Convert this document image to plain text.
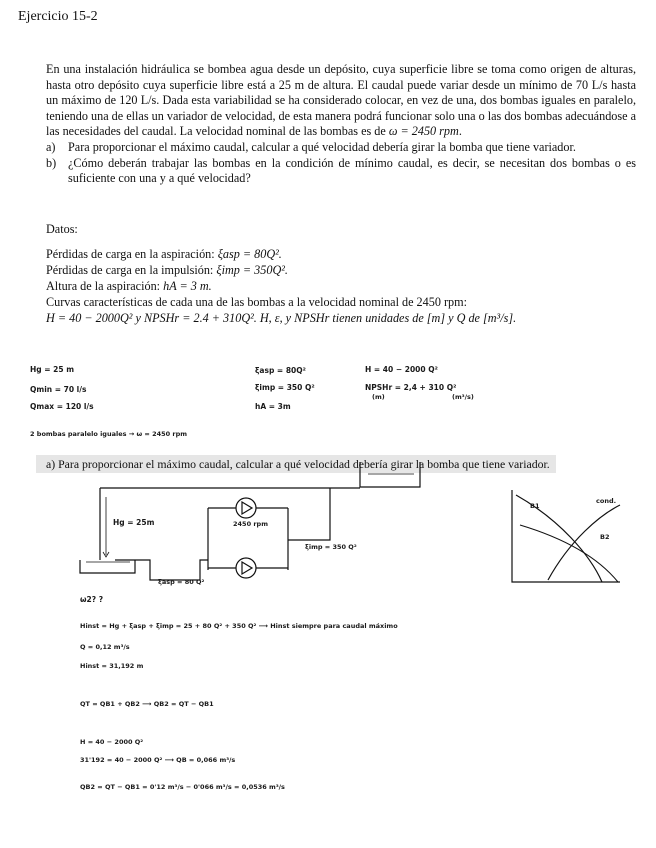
Ejercicio 15-2

En una instalación hidráulica se bombea agua desde un depósito, cuya superficie libre se toma como origen de alturas, hasta otro depósito cuya superficie libre está a 25 m de altura. El caudal puede variar desde un mínimo de 70 L/s hasta un máximo de 120 L/s. Dada esta variabilidad se ha considerado colocar, en vez de una, dos bombas iguales en paralelo, teniendo una de ellas un variador de velocidad, de esta manera podrá funcionar solo una o las dos bombas adecuándose a las necesidades del caudal. La velocidad nominal de las bombas es de ω = 2450 rpm.

a)	Para proporcionar el máximo caudal, calcular a qué velocidad debería girar la bomba que tiene variador.
b) ¿Cómo deberán trabajar las bombas en la condición de mínimo caudal, es decir, se necesitan dos bombas o es suficiente con una y a qué velocidad?
Datos:
Pérdidas de carga en la aspiración: ξasp = 80Q².
Pérdidas de carga en la impulsión: ξimp = 350Q².
Altura de la aspiración: hA = 3 m.
Curvas características de cada una de las bombas a la velocidad nominal de 2450 rpm:
H = 40 − 2000Q² y NPSHr = 2.4 + 310Q². H, ε, y NPSHr tienen unidades de [m] y Q de [m³/s].
Hg = 25 m
Qmin = 70 l/s
Qmax = 120 l/s
2 bombas paralelo iguales → ω = 2450 rpm
ξasp = 80Q²
ξimp = 350 Q²
hA = 3m
H = 40 − 2000 Q²
NPSHr = 2,4 + 310 Q²
(m)	(m³/s)
a) Para proporcionar el máximo caudal, calcular a qué velocidad debería girar la bomba que tiene variador.
Hg = 25m	2450 rpm
ξimp = 350 Q²
ξasp = 80 Q²
ω2? ?
B1
B2
cond.
Hinst = Hg + ξasp + ξimp = 25 + 80 Q² + 350 Q² ⟶ Hinst siempre para caudal máximo
Q = 0,12 m³/s
Hinst = 31,192 m
QT = QB1 + QB2 ⟶ QB2 = QT − QB1
H = 40 − 2000 Q²
31'192 = 40 − 2000 Q² ⟶ QB = 0,066 m³/s
QB2 = QT − QB1 = 0'12 m³/s − 0'066 m³/s = 0,0536 m³/s
